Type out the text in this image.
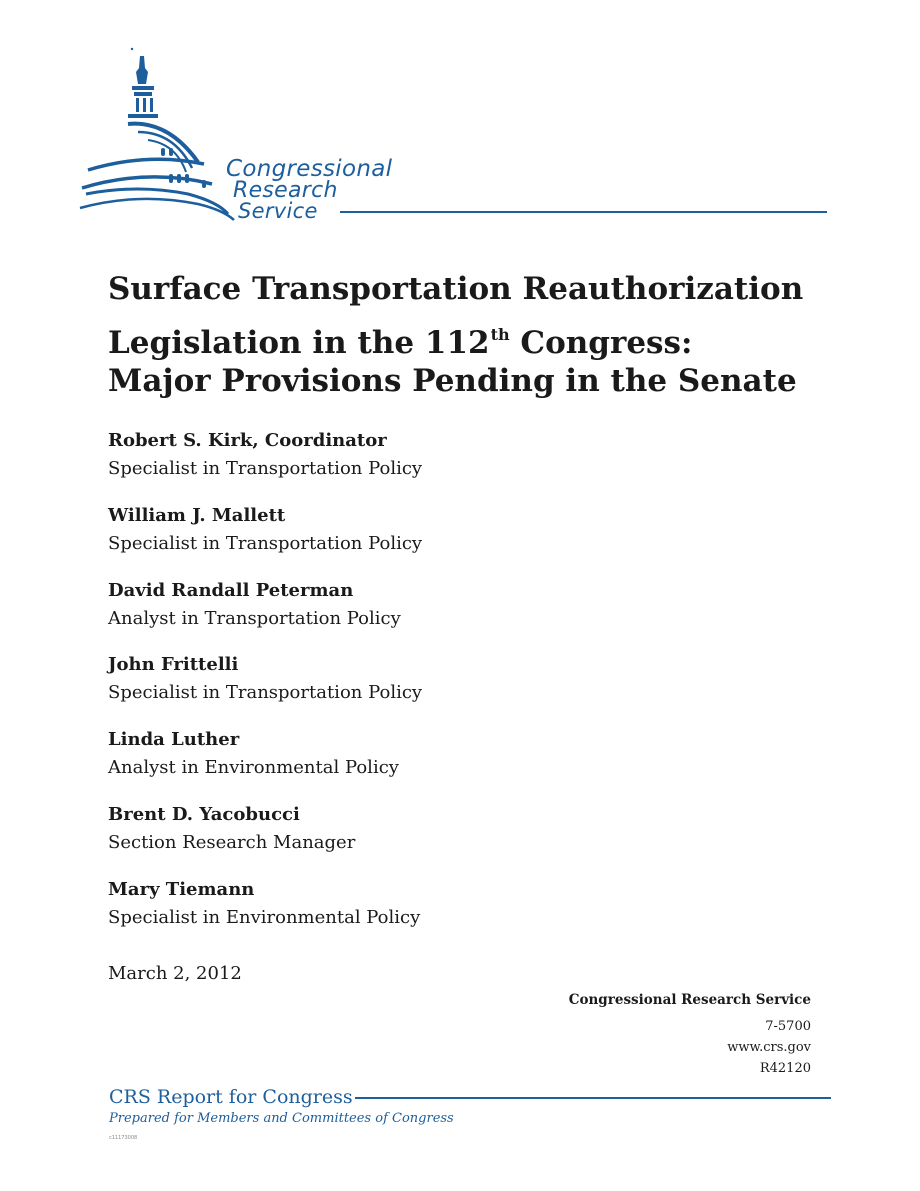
Congressional
Research
Service
Surface Transportation Reauthorization
Legislation in the 112th Congress:
Major Provisions Pending in the Senate
Robert S. Kirk, Coordinator
Specialist in Transportation Policy
William J. Mallett
Specialist in Transportation Policy
David Randall Peterman
Analyst in Transportation Policy
John Frittelli
Specialist in Transportation Policy
Linda Luther
Analyst in Environmental Policy
Brent D. Yacobucci
Section Research Manager
Mary Tiemann
Specialist in Environmental Policy
March 2, 2012
Congressional Research Service
7-5700
www.crs.gov
R42120
CRS Report for Congress
Prepared for Members and Committees of Congress
c11173008
